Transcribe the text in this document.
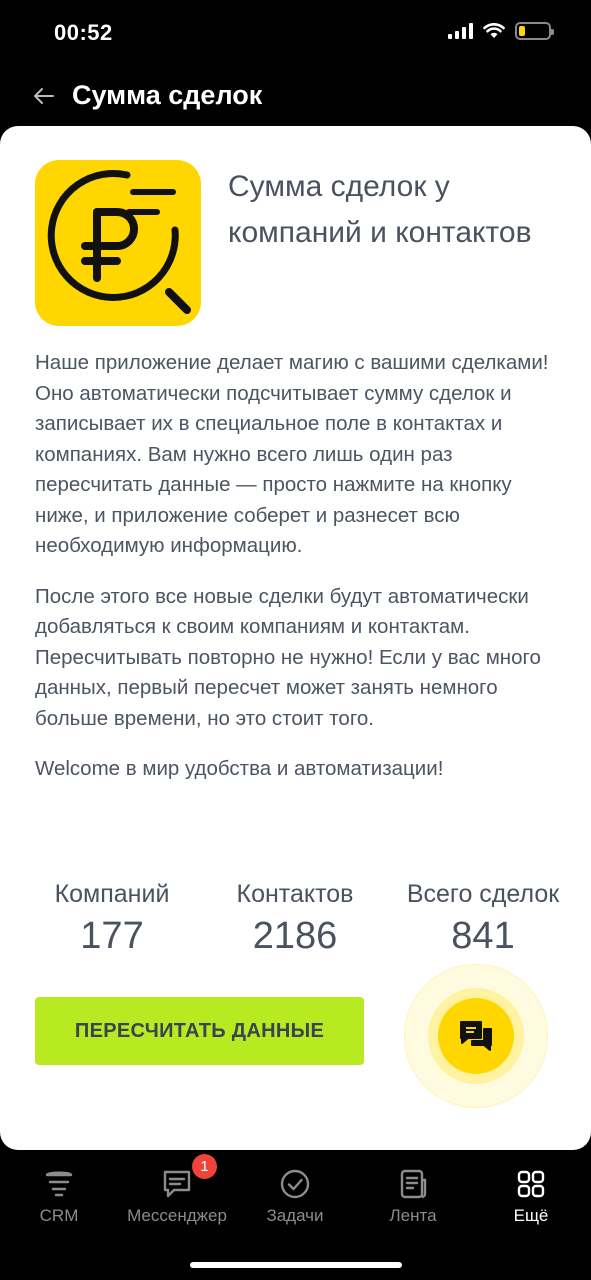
00:52
Сумма сделок
Сумма сделок у компаний и контактов

Наше приложение делает магию с вашими сделками! Оно автоматически подсчитывает сумму сделок и записывает их в специальное поле в контактах и компаниях. Вам нужно всего лишь один раз пересчитать данные — просто нажмите на кнопку ниже, и приложение соберет и разнесет всю необходимую информацию.

После этого все новые сделки будут автоматически добавляться к своим компаниям и контактам. Пересчитывать повторно не нужно! Если у вас много данных, первый пересчет может занять немного больше времени, но это стоит того.

Welcome в мир удобства и автоматизации!

Компаний
177
Контактов
2186
Всего сделок
841
ПЕРЕСЧИТАТЬ ДАННЫЕ
CRM
1
Мессенджер	Задачи	Лента	Ещё
